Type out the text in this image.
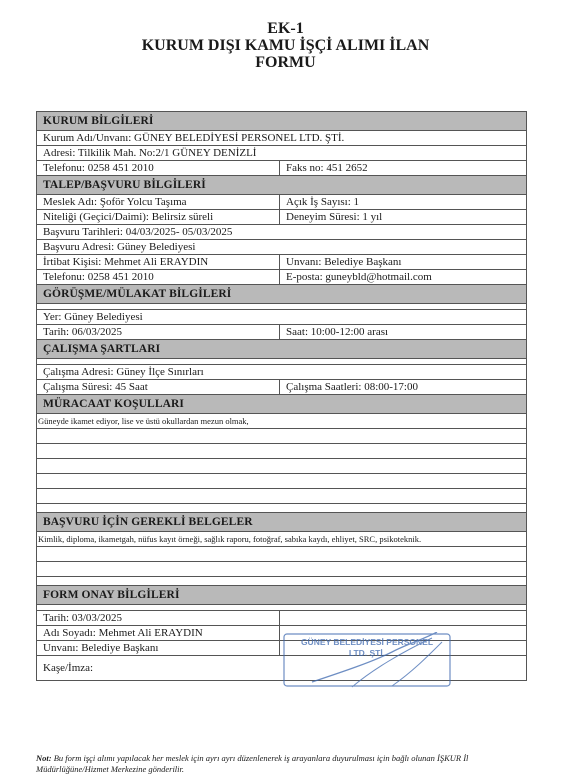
EK-1
KURUM DIŞI KAMU İŞÇİ ALIMI İLAN
FORMU
KURUM BİLGİLERİ
Kurum Adı/Unvanı: GÜNEY BELEDİYESİ PERSONEL LTD. ŞTİ.
Adresi: Tilkilik Mah. No:2/1 GÜNEY DENİZLİ
Telefonu: 0258 451 2010	Faks no: 451 2652
TALEP/BAŞVURU BİLGİLERİ
Meslek Adı: Şoför Yolcu Taşıma	Açık İş Sayısı: 1
Niteliği (Geçici/Daimi): Belirsiz süreli	Deneyim Süresi: 1 yıl
Başvuru Tarihleri: 04/03/2025- 05/03/2025
Başvuru Adresi: Güney Belediyesi
İrtibat Kişisi: Mehmet Ali ERAYDIN	Unvanı: Belediye Başkanı
Telefonu: 0258 451 2010	E-posta: guneybld@hotmail.com
GÖRÜŞME/MÜLAKAT BİLGİLERİ
Yer: Güney Belediyesi
Tarih: 06/03/2025	Saat: 10:00-12:00 arası
ÇALIŞMA ŞARTLARI
Çalışma Adresi: Güney İlçe Sınırları
Çalışma Süresi: 45 Saat	Çalışma Saatleri: 08:00-17:00
MÜRACAAT KOŞULLARI
Güneyde ikamet ediyor, lise ve üstü okullardan mezun olmak,
BAŞVURU İÇİN GEREKLİ BELGELER
Kimlik, diploma, ikametgah, nüfus kayıt örneği, sağlık raporu, fotoğraf, sabıka kaydı, ehliyet, SRC, psikoteknik.
FORM ONAY BİLGİLERİ
Tarih: 03/03/2025
Adı Soyadı: Mehmet Ali ERAYDIN
Unvanı: Belediye Başkanı
Kaşe/İmza:
GÜNEY BELEDİYESİ PERSONEL
LTD. ŞTİ.
Not: Bu form işçi alımı yapılacak her meslek için ayrı ayrı düzenlenerek iş arayanlara duyurulması için bağlı olunan İŞKUR İl Müdürlüğüne/Hizmet Merkezine gönderilir.
